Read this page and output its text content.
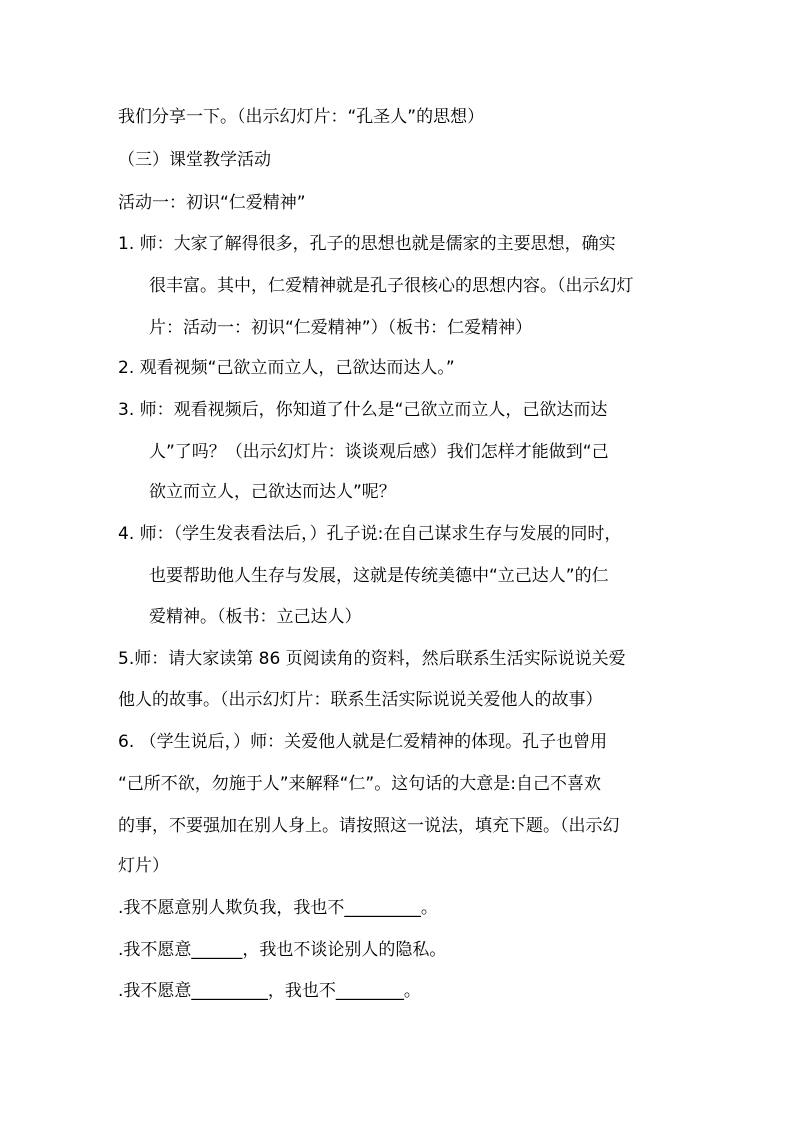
我们分享一下。（出示幻灯片：“孔圣人”的思想）
（三）课堂教学活动
活动一：初识“仁爱精神”
1. 师：大家了解得很多，孔子的思想也就是儒家的主要思想，确实
很丰富。其中，仁爱精神就是孔子很核心的思想内容。（出示幻灯
片：活动一：初识“仁爱精神”）（板书：仁爱精神）
2. 观看视频“己欲立而立人，己欲达而达人。”
3. 师：观看视频后，你知道了什么是“己欲立而立人，己欲达而达
人”了吗？（出示幻灯片：谈谈观后感）我们怎样才能做到“己
欲立而立人，己欲达而达人”呢？
4. 师：（学生发表看法后，）孔子说:在自己谋求生存与发展的同时，
也要帮助他人生存与发展，这就是传统美德中“立己达人”的仁
爱精神。（板书：立己达人）
5.师：请大家读第 86 页阅读角的资料，然后联系生活实际说说关爱
他人的故事。（出示幻灯片：联系生活实际说说关爱他人的故事）
6. （学生说后，）师：关爱他人就是仁爱精神的体现。孔子也曾用
“己所不欲，勿施于人”来解释“仁”。这句话的大意是:自己不喜欢
的事，不要强加在别人身上。请按照这一说法，填充下题。（出示幻
灯片）
.我不愿意别人欺负我，我也不_________。
.我不愿意______，我也不谈论别人的隐私。
.我不愿意_________，我也不________。
